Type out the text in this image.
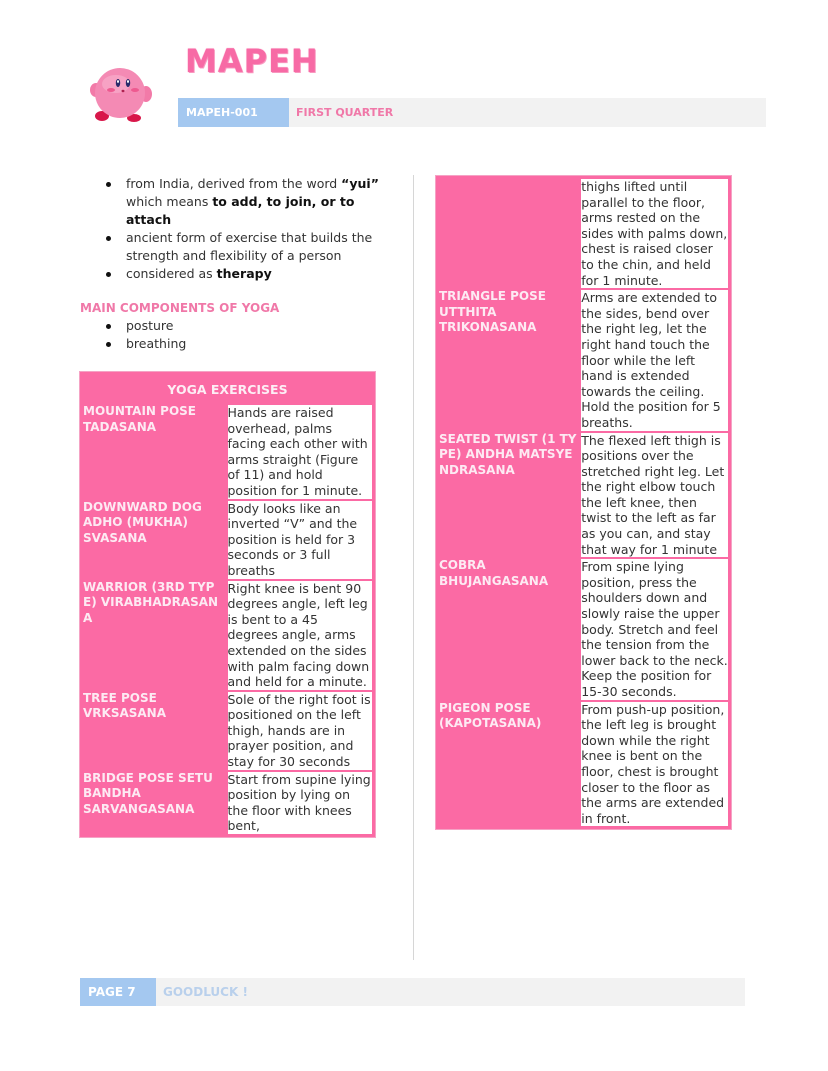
MAPEH
MAPEH-001	FIRST QUARTER
from India, derived from the word “yui” which means to add, to join, or to attach
ancient form of exercise that builds the strength and flexibility of a person
considered as therapy
MAIN COMPONENTS OF YOGA
posture
breathing
YOGA EXERCISES	
MOUNTAIN POSE TADASANA	Hands are raised overhead, palms facing each other with arms straight (Figure of 11) and hold position for 1 minute.
DOWNWARD DOG ADHO (MUKHA) SVASANA	Body looks like an inverted “V” and the position is held for 3 seconds or 3 full breaths
WARRIOR (3RD TYPE) VIRABHADRASANA	Right knee is bent 90 degrees angle, left leg is bent to a 45 degrees angle, arms extended on the sides with palm facing down and held for a minute.
TREE POSE VRKSASANA	Sole of the right foot is positioned on the left thigh, hands are in prayer position, and stay for 30 seconds
BRIDGE POSE SETU BANDHA SARVANGASANA	Start from supine lying position by lying on the floor with knees bent,
	thighs lifted until parallel to the floor, arms rested on the sides with palms down, chest is raised closer to the chin, and held for 1 minute.
TRIANGLE POSE UTTHITA TRIKONASANA	Arms are extended to the sides, bend over the right leg, let the right hand touch the floor while the left hand is extended towards the ceiling. Hold the position for 5 breaths.
SEATED TWIST (1 TYPE) ANDHA MATSYENDRASANA	The flexed left thigh is positions over the stretched right leg. Let the right elbow touch the left knee, then twist to the left as far as you can, and stay that way for 1 minute
COBRA BHUJANGASANA	From spine lying position, press the shoulders down and slowly raise the upper body. Stretch and feel the tension from the lower back to the neck. Keep the position for 15-30 seconds.
PIGEON POSE (KAPOTASANA)	From push-up position, the left leg is brought down while the right knee is bent on the floor, chest is brought closer to the floor as the arms are extended in front.
PAGE 7	GOODLUCK !
